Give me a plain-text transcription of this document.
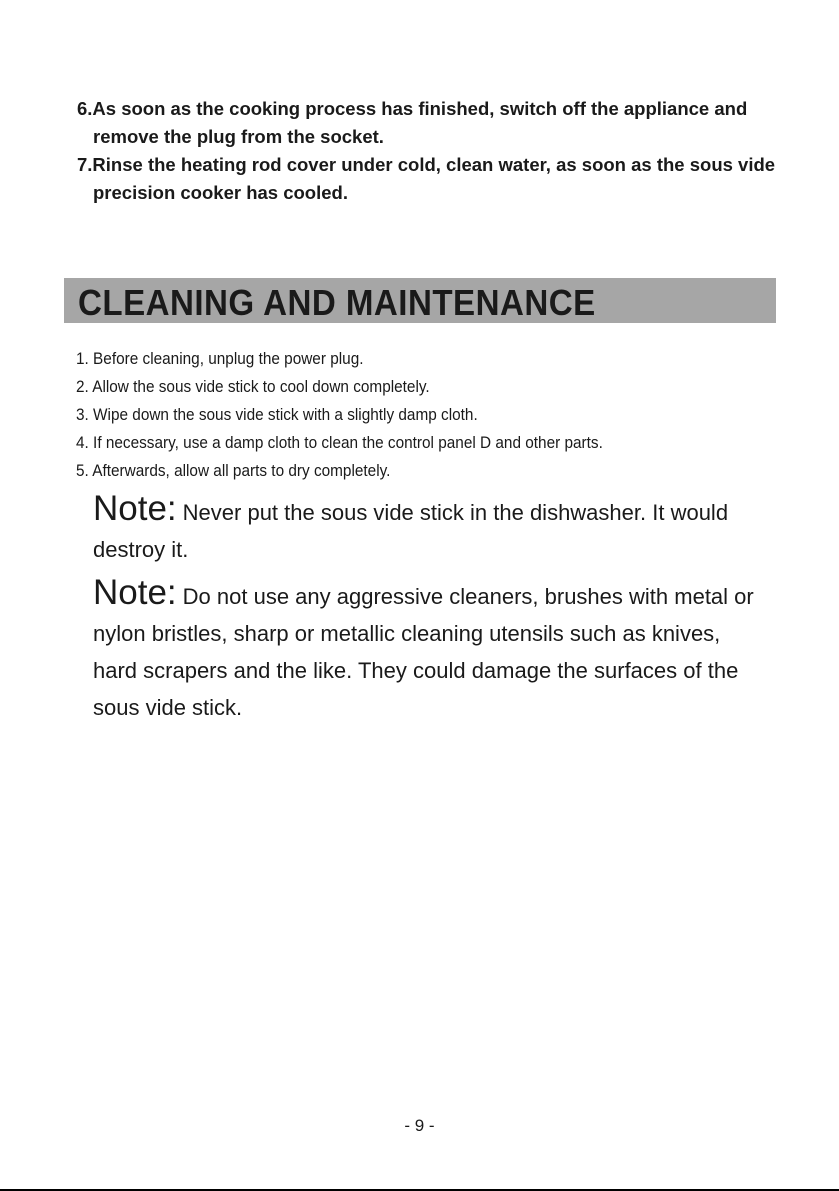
6.As soon as the cooking process has finished, switch off the appliance and remove the plug from the socket.

7.Rinse the heating rod cover under cold, clean water, as soon as the sous vide precision cooker has cooled.

CLEANING AND MAINTENANCE

1. Before cleaning, unplug the power plug.

2. Allow the sous vide stick to cool down completely.

3. Wipe down the sous vide stick with a slightly damp cloth.

4. If necessary, use a damp cloth to clean the control panel D and other parts.

5. Afterwards, allow all parts to dry completely.

Note: Never put the sous vide stick in the dishwasher. It would destroy it.

Note: Do not use any aggressive cleaners, brushes with metal or nylon bristles, sharp or metallic cleaning utensils such as knives, hard scrapers and the like. They could damage the surfaces of the sous vide stick.

- 9 -
